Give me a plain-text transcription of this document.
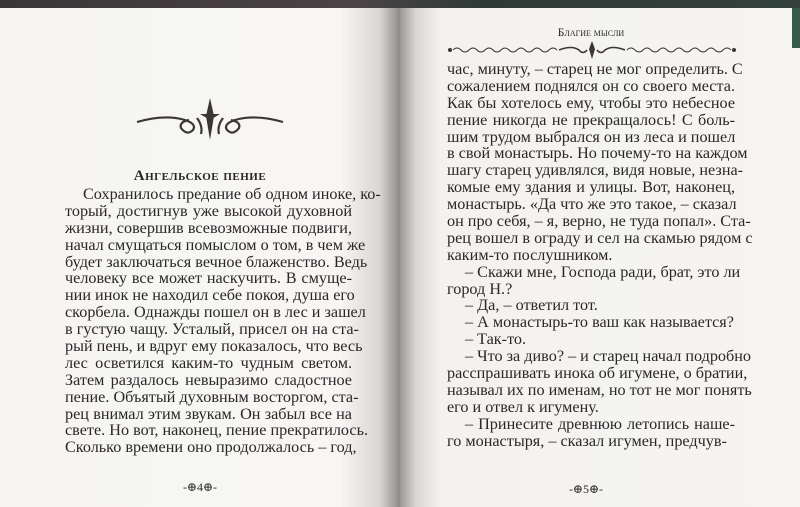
Ангельское пение
Сохранилось предание об одном иноке, ко-
торый, достигнув уже высокой духовной
жизни, совершив всевозможные подвиги,
начал смущаться помыслом о том, в чем же
будет заключаться вечное блаженство. Ведь
человеку все может наскучить. В смуще-
нии инок не находил себе покоя, душа его
скорбела. Однажды пошел он в лес и зашел
в густую чащу. Усталый, присел он на ста-
рый пень, и вдруг ему показалось, что весь
лес осветился каким-то чудным светом.
Затем раздалось невыразимо сладостное
пение. Объятый духовным восторгом, ста-
рец внимал этим звукам. Он забыл все на
свете. Но вот, наконец, пение прекратилось.
Сколько времени оно продолжалось – год,
-⊕4⊕-
Благие мысли
час, минуту, – старец не мог определить. С
сожалением поднялся он со своего места.
Как бы хотелось ему, чтобы это небесное
пение никогда не прекращалось! С боль-
шим трудом выбрался он из леса и пошел
в свой монастырь. Но почему-то на каждом
шагу старец удивлялся, видя новые, незна-
комые ему здания и улицы. Вот, наконец,
монастырь. «Да что же это такое, – сказал
он про себя, – я, верно, не туда попал». Ста-
рец вошел в ограду и сел на скамью рядом с
каким-то послушником.
– Скажи мне, Господа ради, брат, это ли
город Н.?
– Да, – ответил тот.
– А монастырь-то ваш как называется?
– Так-то.
– Что за диво? – и старец начал подробно
расспрашивать инока об игумене, о братии,
называл их по именам, но тот не мог понять
его и отвел к игумену.
– Принесите древнюю летопись наше-
го монастыря, – сказал игумен, предчув-
-⊕5⊕-
